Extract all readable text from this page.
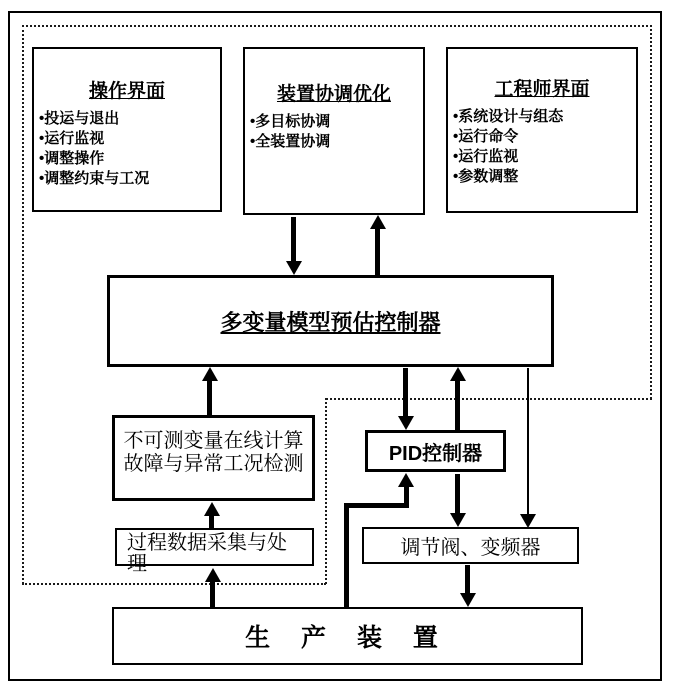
操作界面
•投运与退出
•运行监视
•调整操作
•调整约束与工况
装置协调优化
•多目标协调
•全装置协调
工程师界面
•系统设计与组态
•运行命令
•运行监视
•参数调整
多变量模型预估控制器
不可测变量在线计算
故障与异常工况检测
过程数据采集与处
理
PID控制器
调节阀、变频器
生 产 装 置
